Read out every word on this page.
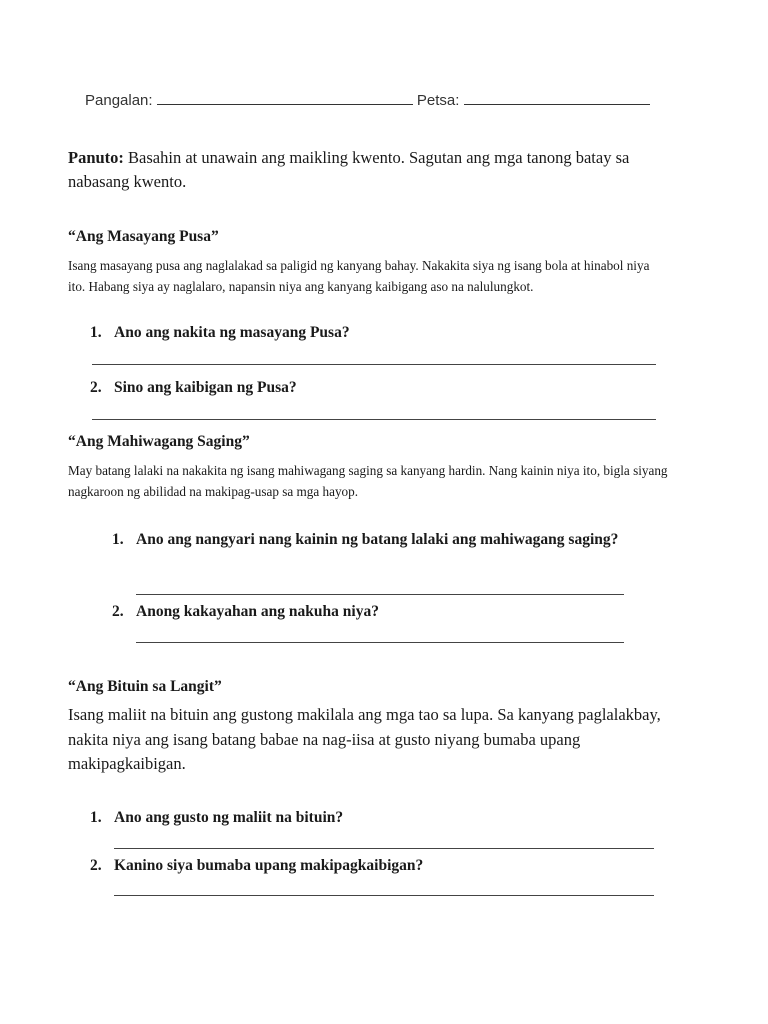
Pangalan:	Petsa:
Panuto: Basahin at unawain ang maikling kwento. Sagutan ang mga tanong batay sa nabasang kwento.
“Ang Masayang Pusa”
Isang masayang pusa ang naglalakad sa paligid ng kanyang bahay. Nakakita siya ng isang bola at hinabol niya ito. Habang siya ay naglalaro, napansin niya ang kanyang kaibigang aso na nalulungkot.
1. Ano ang nakita ng masayang Pusa?
2. Sino ang kaibigan ng Pusa?
“Ang Mahiwagang Saging”
May batang lalaki na nakakita ng isang mahiwagang saging sa kanyang hardin. Nang kainin niya ito, bigla siyang nagkaroon ng abilidad na makipag-usap sa mga hayop.
1. Ano ang nangyari nang kainin ng batang lalaki ang mahiwagang saging?
2. Anong kakayahan ang nakuha niya?
“Ang Bituin sa Langit”
Isang maliit na bituin ang gustong makilala ang mga tao sa lupa. Sa kanyang paglalakbay, nakita niya ang isang batang babae na nag-iisa at gusto niyang bumaba upang makipagkaibigan.
1. Ano ang gusto ng maliit na bituin?
2. Kanino siya bumaba upang makipagkaibigan?
